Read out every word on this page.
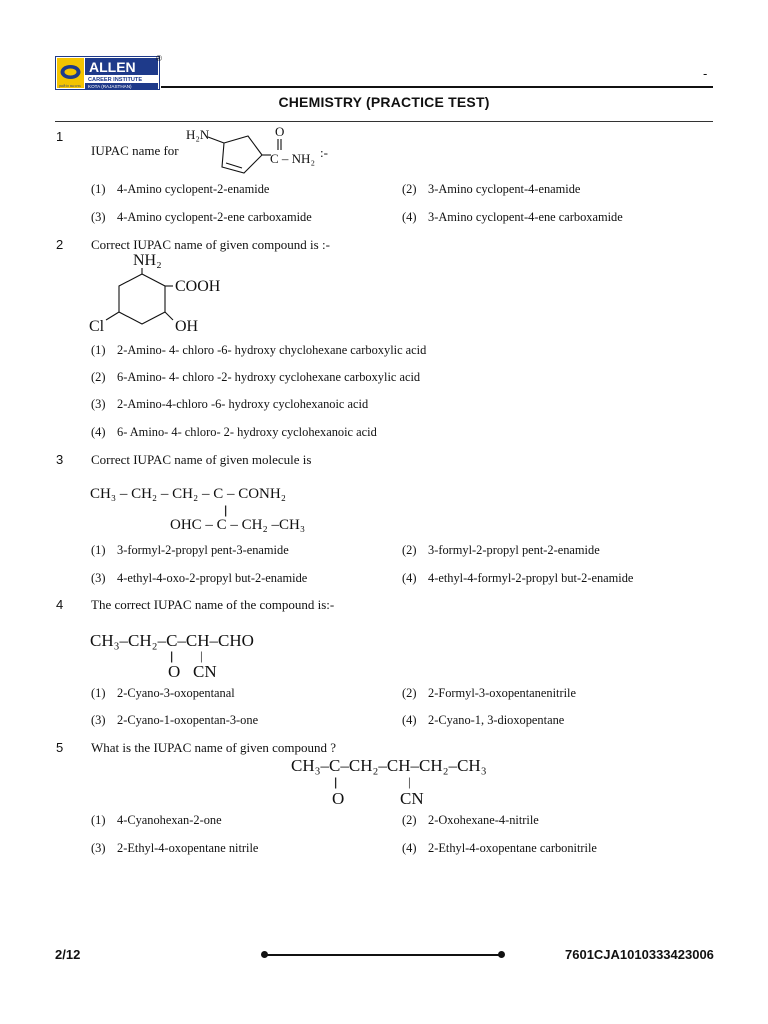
ALLEN
CAREER INSTITUTE
KOTA (RAJASTHAN)
path to success
®
-
CHEMISTRY (PRACTICE TEST)
1
IUPAC name for
H₂N	O
C – NH₂ :-
(1) 4-Amino cyclopent-2-enamide	(2) 3-Amino cyclopent-4-enamide
(3) 4-Amino cyclopent-2-ene carboxamide	(4) 3-Amino cyclopent-4-ene carboxamide
2 Correct IUPAC name of given compound is :-
NH₂
COOH
Cl	OH
(1) 2-Amino- 4- chloro -6- hydroxy chyclohexane carboxylic acid
(2) 6-Amino- 4- chloro -2- hydroxy cyclohexane carboxylic acid
(3) 2-Amino-4-chloro -6- hydroxy cyclohexanoic acid
(4) 6- Amino- 4- chloro- 2- hydroxy cyclohexanoic acid
3 Correct IUPAC name of given molecule is
CH₃ – CH₂ – CH₂ – C – CONH₂
||
OHC – C – CH₂ –CH₃
(1) 3-formyl-2-propyl pent-3-enamide	(2) 3-formyl-2-propyl pent-2-enamide
(3) 4-ethyl-4-oxo-2-propyl but-2-enamide	(4) 4-ethyl-4-formyl-2-propyl but-2-enamide
4 The correct IUPAC name of the compound is:-
CH₃–CH₂–C–CH–CHO
|| |
O CN
(1) 2-Cyano-3-oxopentanal	(2) 2-Formyl-3-oxopentanenitrile
(3) 2-Cyano-1-oxopentan-3-one	(4) 2-Cyano-1, 3-dioxopentane
5 What is the IUPAC name of given compound ?
CH₃–C–CH₂–CH–CH₂–CH₃
||	|
O	CN
(1) 4-Cyanohexan-2-one	(2) 2-Oxohexane-4-nitrile
(3) 2-Ethyl-4-oxopentane nitrile	(4) 2-Ethyl-4-oxopentane carbonitrile
2/12	7601CJA1010333423006
